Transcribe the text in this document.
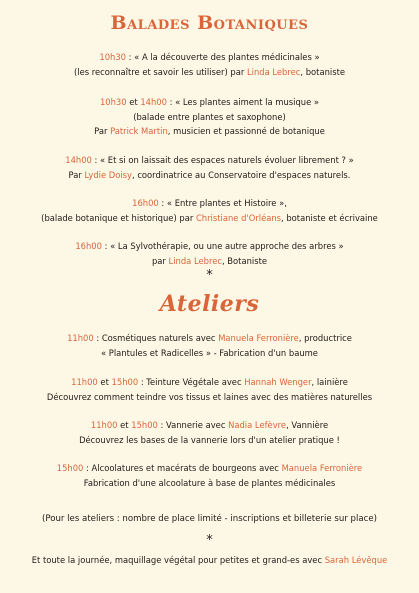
Balades Botaniques
10h30 : « A la découverte des plantes médicinales »
(les reconnaître et savoir les utiliser) par Linda Lebrec, botaniste
10h30 et 14h00 : « Les plantes aiment la musique »
(balade entre plantes et saxophone)
Par Patrick Martin, musicien et passionné de botanique
14h00 : « Et si on laissait des espaces naturels évoluer librement ? »
Par Lydie Doisy, coordinatrice au Conservatoire d'espaces naturels.
16h00 : « Entre plantes et Histoire »,
(balade botanique et historique) par Christiane d'Orléans, botaniste et écrivaine
16h00 : « La Sylvothérapie, ou une autre approche des arbres »
par Linda Lebrec, Botaniste
*
Ateliers
11h00 : Cosmétiques naturels avec Manuela Ferronière, productrice
« Plantules et Radicelles » - Fabrication d'un baume
11h00 et 15h00 : Teinture Végétale avec Hannah Wenger, lainière
Découvrez comment teindre vos tissus et laines avec des matières naturelles
11h00 et 15h00 : Vannerie avec Nadia Lefèvre, Vannière
Découvrez les bases de la vannerie lors d'un atelier pratique !
15h00 : Alcoolatures et macérats de bourgeons avec Manuela Ferronière
Fabrication d'une alcoolature à base de plantes médicinales
(Pour les ateliers : nombre de place limité - inscriptions et billeterie sur place)
*
Et toute la journée, maquillage végétal pour petites et grand-es avec Sarah Lévêque
